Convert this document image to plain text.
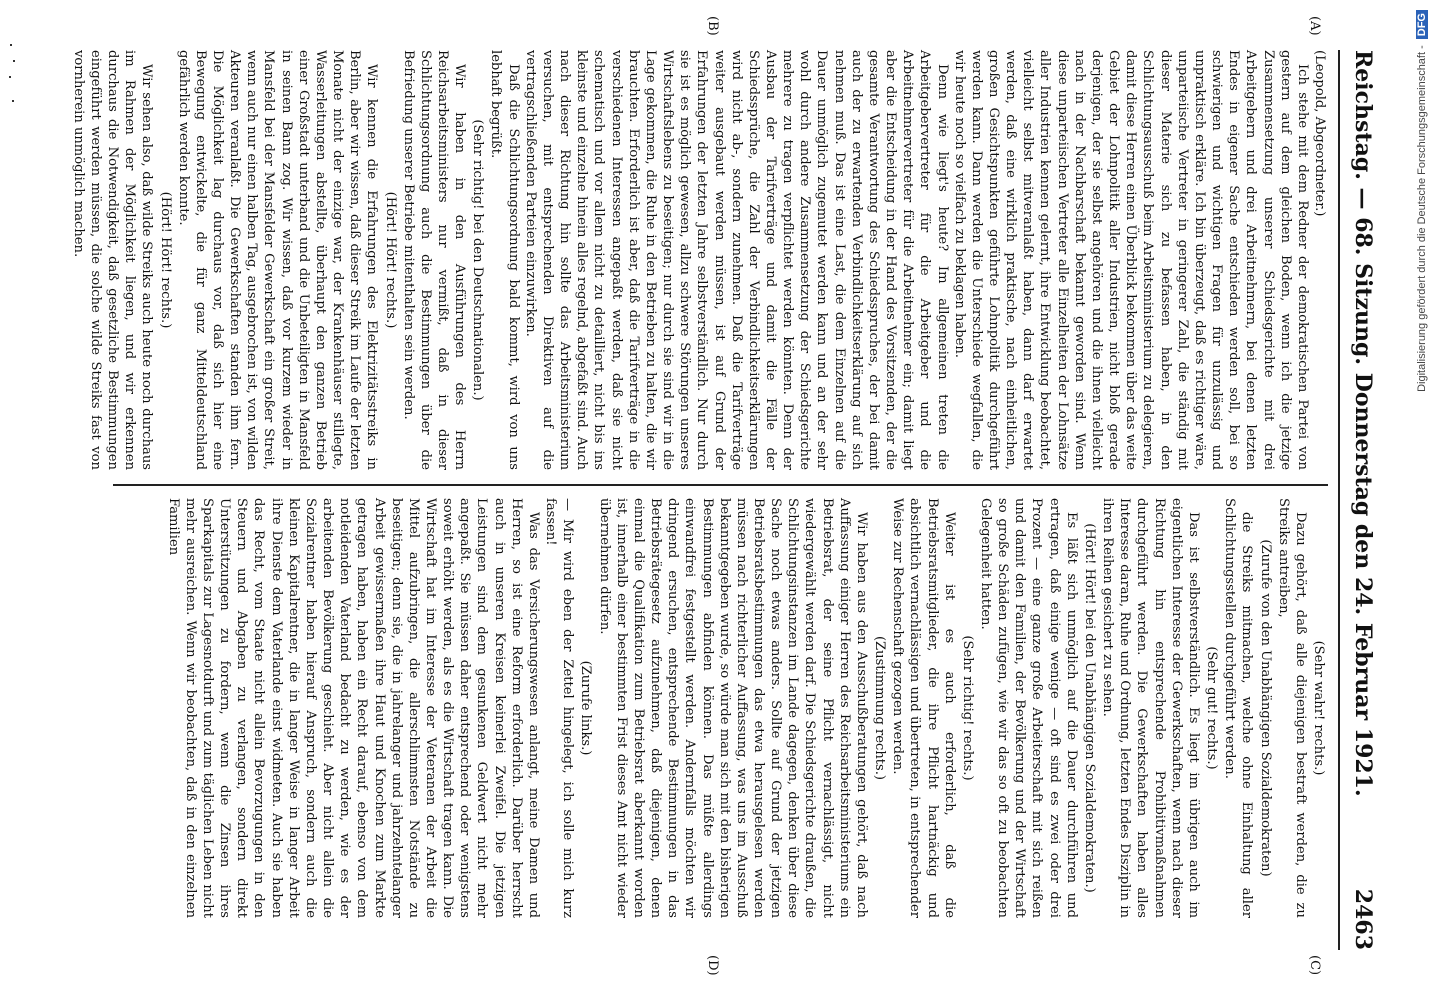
Reichstag. — 68. Sitzung. Donnerstag den 24. Februar 1921.
2463

(Leopold, Abgeordneter.)

Ich stehe mit dem Redner der demokratischen Partei von gestern auf dem gleichen Boden, wenn ich die jetzige Zusammensetzung unserer Schiedsgerichte mit drei Arbeitgebern und drei Arbeitnehmern, bei denen letzten Endes in eigener Sache entschieden werden soll, bei so schwierigen und wichtigen Fragen für unzulässig und unpraktisch erkläre. Ich bin überzeugt, daß es richtiger wäre, unparteiische Vertreter in geringerer Zahl, die ständig mit dieser Materie sich zu befassen haben, in den Schlichtungsausschuß beim Arbeitsministerium zu delegieren, damit diese Herren einen Überblick bekommen über das weite Gebiet der Lohnpolitik aller Industrien, nicht bloß gerade derjenigen, der sie selbst angehören und die ihnen vielleicht nach in der Nachbarschaft bekannt geworden sind. Wenn diese unparteiischen Vertreter alle Einzelheiten der Lohnsätze aller Industrien kennen gelernt, ihre Entwicklung beobachtet, vielleicht selbst mitveranlaßt haben, dann darf erwartet werden, daß eine wirklich praktische, nach einheitlichen, großen Gesichtspunkten geführte Lohnpolitik durchgeführt werden kann. Dann werden die Unterschiede wegfallen, die wir heute noch so vielfach zu beklagen haben.

Denn wie liegt's heute? Im allgemeinen treten die Arbeitgebervertreter für die Arbeitgeber und die Arbeitnehmervertreter für die Arbeitnehmer ein; damit liegt aber die Entscheidung in der Hand des Vorsitzenden, der die gesamte Verantwortung des Schiedsspruches, der bei damit auch der zu erwartenden Verbindlichkeitserklärung auf sich nehmen muß. Das ist eine Last, die dem Einzelnen auf die Dauer unmöglich zugemutet werden kann und an der sehr wohl durch andere Zusammensetzung der Schiedsgerichte mehrere zu tragen verpflichtet werden könnten. Denn der Ausbau der Tarifverträge und damit die Fälle der Schiedssprüche, die Zahl der Verbindlichkeitserklärungen wird nicht ab-, sondern zunehmen. Daß die Tarifverträge weiter ausgebaut werden müssen, ist auf Grund der Erfahrungen der letzten Jahre selbstverständlich. Nur durch sie ist es möglich gewesen, allzu schwere Störungen unseres Wirtschaftslebens zu beseitigen; nur durch sie sind wir in die Lage gekommen, die Ruhe in den Betrieben zu halten, die wir brauchten. Erforderlich ist aber, daß die Tarifverträge in die verschiedenen Interessen angepaßt werden, daß sie nicht schematisch und vor allem nicht zu detailliert, nicht bis ins kleinste und einzelne hinein alles regelnd, abgefaßt sind. Auch nach dieser Richtung hin sollte das Arbeitsministerium versuchen, mit entsprechenden Direktiven auf die vertragschließenden Parteien einzuwirken.

Daß die Schlichtungsordnung bald kommt, wird von uns lebhaft begrüßt.

(Sehr richtig! bei den Deutschnationalen.)

Wir haben in den Ausführungen des Herrn Reichsarbeitsministers nur vermißt, daß in dieser Schlichtungsordnung auch die Bestimmungen über die Befriedung unserer Betriebe mitenthalten sein werden.

(Hört! Hört! rechts.)

Wir kennen die Erfahrungen des Elektrizitätsstreiks in Berlin, aber wir wissen, daß dieser Streik im Laufe der letzten Monate nicht der einzige war, der Krankenhäuser stillegte, Wasserleitungen abstellte, überhaupt den ganzen Betrieb einer Großstadt unterband und die Unbeteiligten in Mansfeld in seinen Bann zog. Wir wissen, daß vor kurzem wieder in Mansfeld bei der Mansfelder Gewerkschaft ein großer Streit, wenn auch nur einen halben Tag, ausgebrochen ist, von wilden Akteuren veranlaßt. Die Gewerkschaften standen ihm fern. Die Möglichkeit lag durchaus vor, daß sich hier eine Bewegung entwickelte, die für ganz Mitteldeutschland gefährlich werden konnte.

(Hört! Hört! rechts.)

Wir sehen also, daß wilde Streiks auch heute noch durchaus im Rahmen der Möglichkeit liegen, und wir erkennen durchaus die Notwendigkeit, daß gesetzliche Bestimmungen eingeführt werden müssen, die solche wilde Streiks fast von vornherein unmöglich machen.

(Sehr wahr! rechts.)

Dazu gehört, daß alle diejenigen bestraft werden, die zu Streiks antreiben,

(Zurufe von den Unabhängigen Sozialdemokraten)

die Streiks mitmachen, welche ohne Einhaltung aller Schlichtungsstellen durchgeführt werden.

(Sehr gut! rechts.)

Das ist selbstverständlich. Es liegt im übrigen auch im eigentlichen Interesse der Gewerkschaften, wenn nach dieser Richtung hin entsprechende Prohibitivmaßnahmen durchgeführt werden. Die Gewerkschaften haben alles Interesse daran, Ruhe und Ordnung, letzten Endes Disziplin in ihren Reihen gesichert zu sehen.

(Hört! Hört! bei den Unabhängigen Sozialdemokraten.)

Es läßt sich unmöglich auf die Dauer durchführen und ertragen, daß einige wenige — oft sind es zwei oder drei Prozent — eine ganze große Arbeiterschaft mit sich reißen und damit den Familien, der Bevölkerung und der Wirtschaft so große Schäden zufügen, wie wir das so oft zu beobachten Gelegenheit hatten.

(Sehr richtig! rechts.)

Weiter ist es auch erforderlich, daß die Betriebsratsmitglieder, die ihre Pflicht hartnäckig und absichtlich vernachlässigen und übertreten, in entsprechender Weise zur Rechenschaft gezogen werden.

(Zustimmung rechts.)

Wir haben aus den Ausschußberatungen gehört, daß nach Auffassung einiger Herren des Reichsarbeitsministeriums ein Betriebsrat, der seine Pflicht vernachlässigt, nicht wiedergewählt werden darf. Die Schiedsgerichte draußen, die Schlichtungsinstanzen im Lande dagegen, denken über diese Sache noch etwas anders. Sollte auf Grund der jetzigen Betriebsratsbestimmungen das etwa herausgelesen werden müssen nach richterlicher Auffassung, was uns im Ausschuß bekanntgegeben wurde, so würde man sich mit den bisherigen Bestimmungen abfinden können. Das müßte allerdings einwandfrei festgestellt werden. Andernfalls möchten wir dringend ersuchen, entsprechende Bestimmungen in das Betriebsrätegesetz aufzunehmen, daß diejenigen, denen einmal die Qualifikation zum Betriebsrat aberkannt worden ist, innerhalb einer bestimmten Frist dieses Amt nicht wieder übernehmen dürfen.

(Zurufe links.)

— Mir wird eben der Zettel hingelegt, ich solle mich kurz fassen!

Was das Versicherungswesen anlangt, meine Damen und Herren, so ist eine Reform erforderlich. Darüber herrscht auch in unseren Kreisen keinerlei Zweifel. Die jetzigen Leistungen sind dem gesunkenen Geldwert nicht mehr angepaßt. Sie müssen daher entsprechend oder wenigstens soweit erhöht werden, als es die Wirtschaft tragen kann. Die Wirtschaft hat im Interesse der Veteranen der Arbeit die Mittel aufzubringen, die allerschlimmsten Notstände zu beseitigen; denn sie, die in jahrelanger und jahrzehntelanger Arbeit gewissermaßen ihre Haut und Knochen zum Markte getragen haben, haben ein Recht darauf, ebenso von dem notleidenden Vaterland bedacht zu werden, wie es der arbeitenden Bevölkerung geschieht. Aber nicht allein die Sozialrentner haben hierauf Anspruch, sondern auch die kleinen Kapitalrentner, die in langer Weise in langer Arbeit ihre Dienste dem Vaterlande einst widmeten. Auch sie haben das Recht, vom Staate nicht allein Bevorzugungen in den Steuern und Abgaben zu verlangen, sondern direkt Unterstützungen zu fordern, wenn die Zinsen ihres Sparkapitals zur Lagesnotdurft und zum täglichen Leben nicht mehr ausreichen. Wenn wir beobachten, daß in den einzelnen Familien

(A)
(B)
(C)
(D)
Digitalisierung gefördert durch die Deutsche Forschungsgemeinschaft -DFG
